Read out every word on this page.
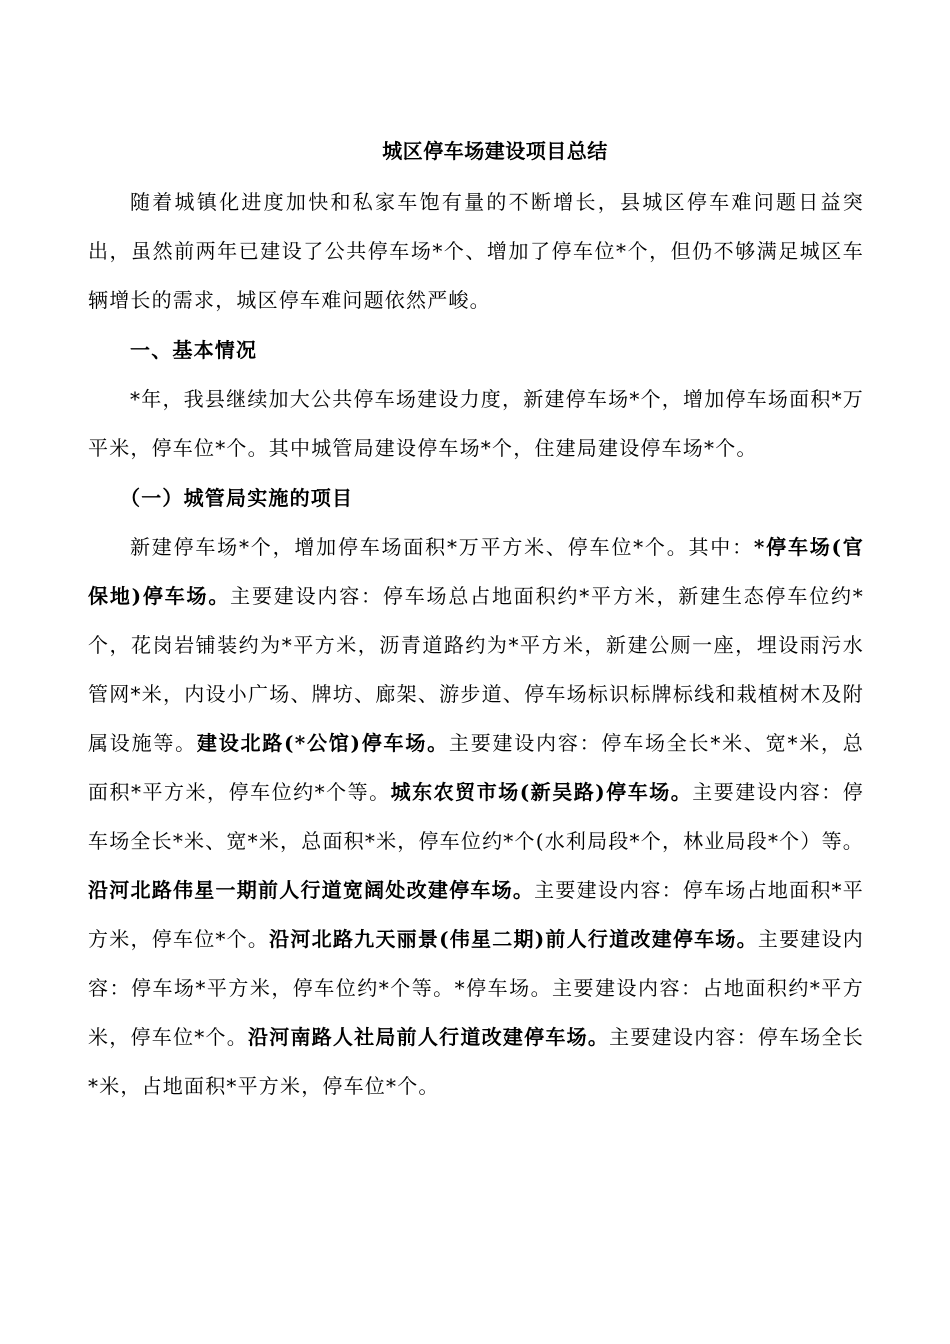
城区停车场建设项目总结

随着城镇化进度加快和私家车饱有量的不断增长，县城区停车难问题日益突出，虽然前两年已建设了公共停车场*个、增加了停车位*个，但仍不够满足城区车辆增长的需求，城区停车难问题依然严峻。

一、基本情况

*年，我县继续加大公共停车场建设力度，新建停车场*个，增加停车场面积*万平米，停车位*个。其中城管局建设停车场*个，住建局建设停车场*个。

（一）城管局实施的项目

新建停车场*个，增加停车场面积*万平方米、停车位*个。其中：*停车场(官保地)停车场。主要建设内容：停车场总占地面积约*平方米，新建生态停车位约*个，花岗岩铺装约为*平方米，沥青道路约为*平方米，新建公厕一座，埋设雨污水管网*米，内设小广场、牌坊、廊架、游步道、停车场标识标牌标线和栽植树木及附属设施等。建设北路(*公馆)停车场。主要建设内容：停车场全长*米、宽*米，总面积*平方米，停车位约*个等。城东农贸市场(新吴路)停车场。主要建设内容：停车场全长*米、宽*米，总面积*米，停车位约*个(水利局段*个，林业局段*个）等。沿河北路伟星一期前人行道宽阔处改建停车场。主要建设内容：停车场占地面积*平方米，停车位*个。沿河北路九天丽景(伟星二期)前人行道改建停车场。主要建设内容：停车场*平方米，停车位约*个等。*停车场。主要建设内容：占地面积约*平方米，停车位*个。沿河南路人社局前人行道改建停车场。主要建设内容：停车场全长*米，占地面积*平方米，停车位*个。
